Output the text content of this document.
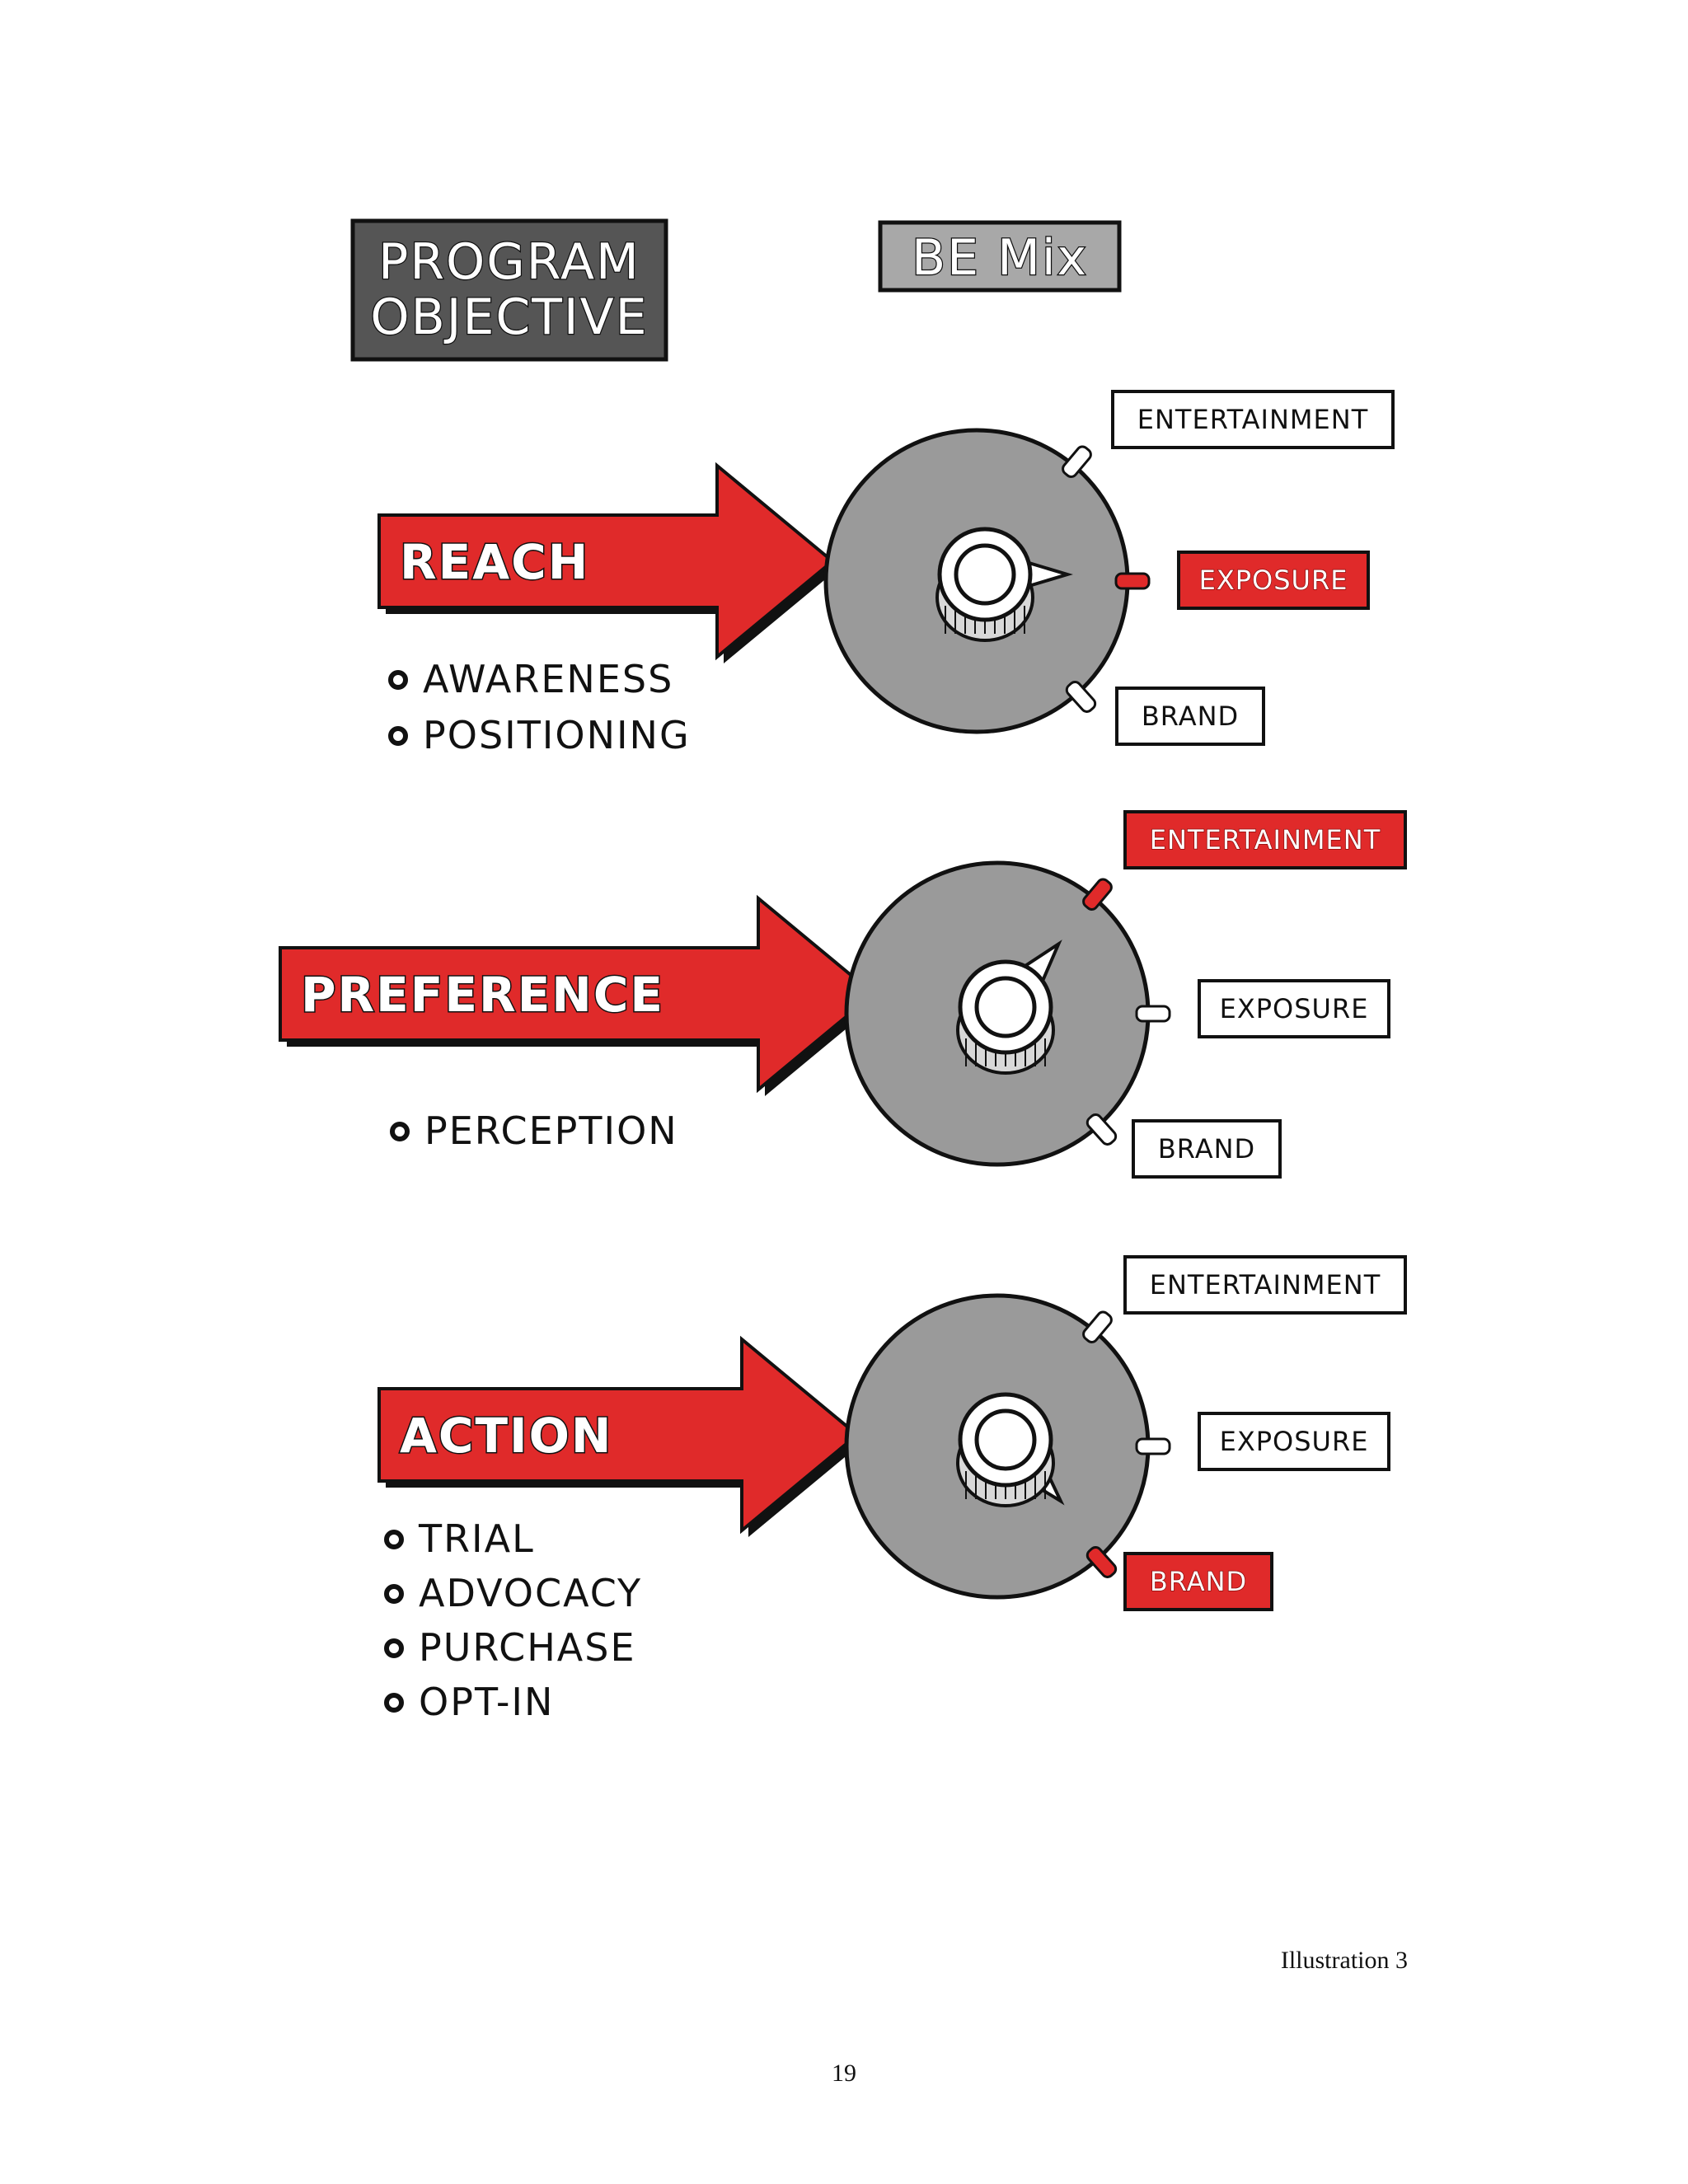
PROGRAM
OBJECTIVE
BE Mix
REACH
AWARENESS
POSITIONING
ENTERTAINMENT
EXPOSURE
BRAND
PREFERENCE
PERCEPTION
ENTERTAINMENT
EXPOSURE
BRAND
ACTION
TRIAL
ADVOCACY
PURCHASE
OPT-IN
ENTERTAINMENT
EXPOSURE
BRAND
Illustration 3
19
